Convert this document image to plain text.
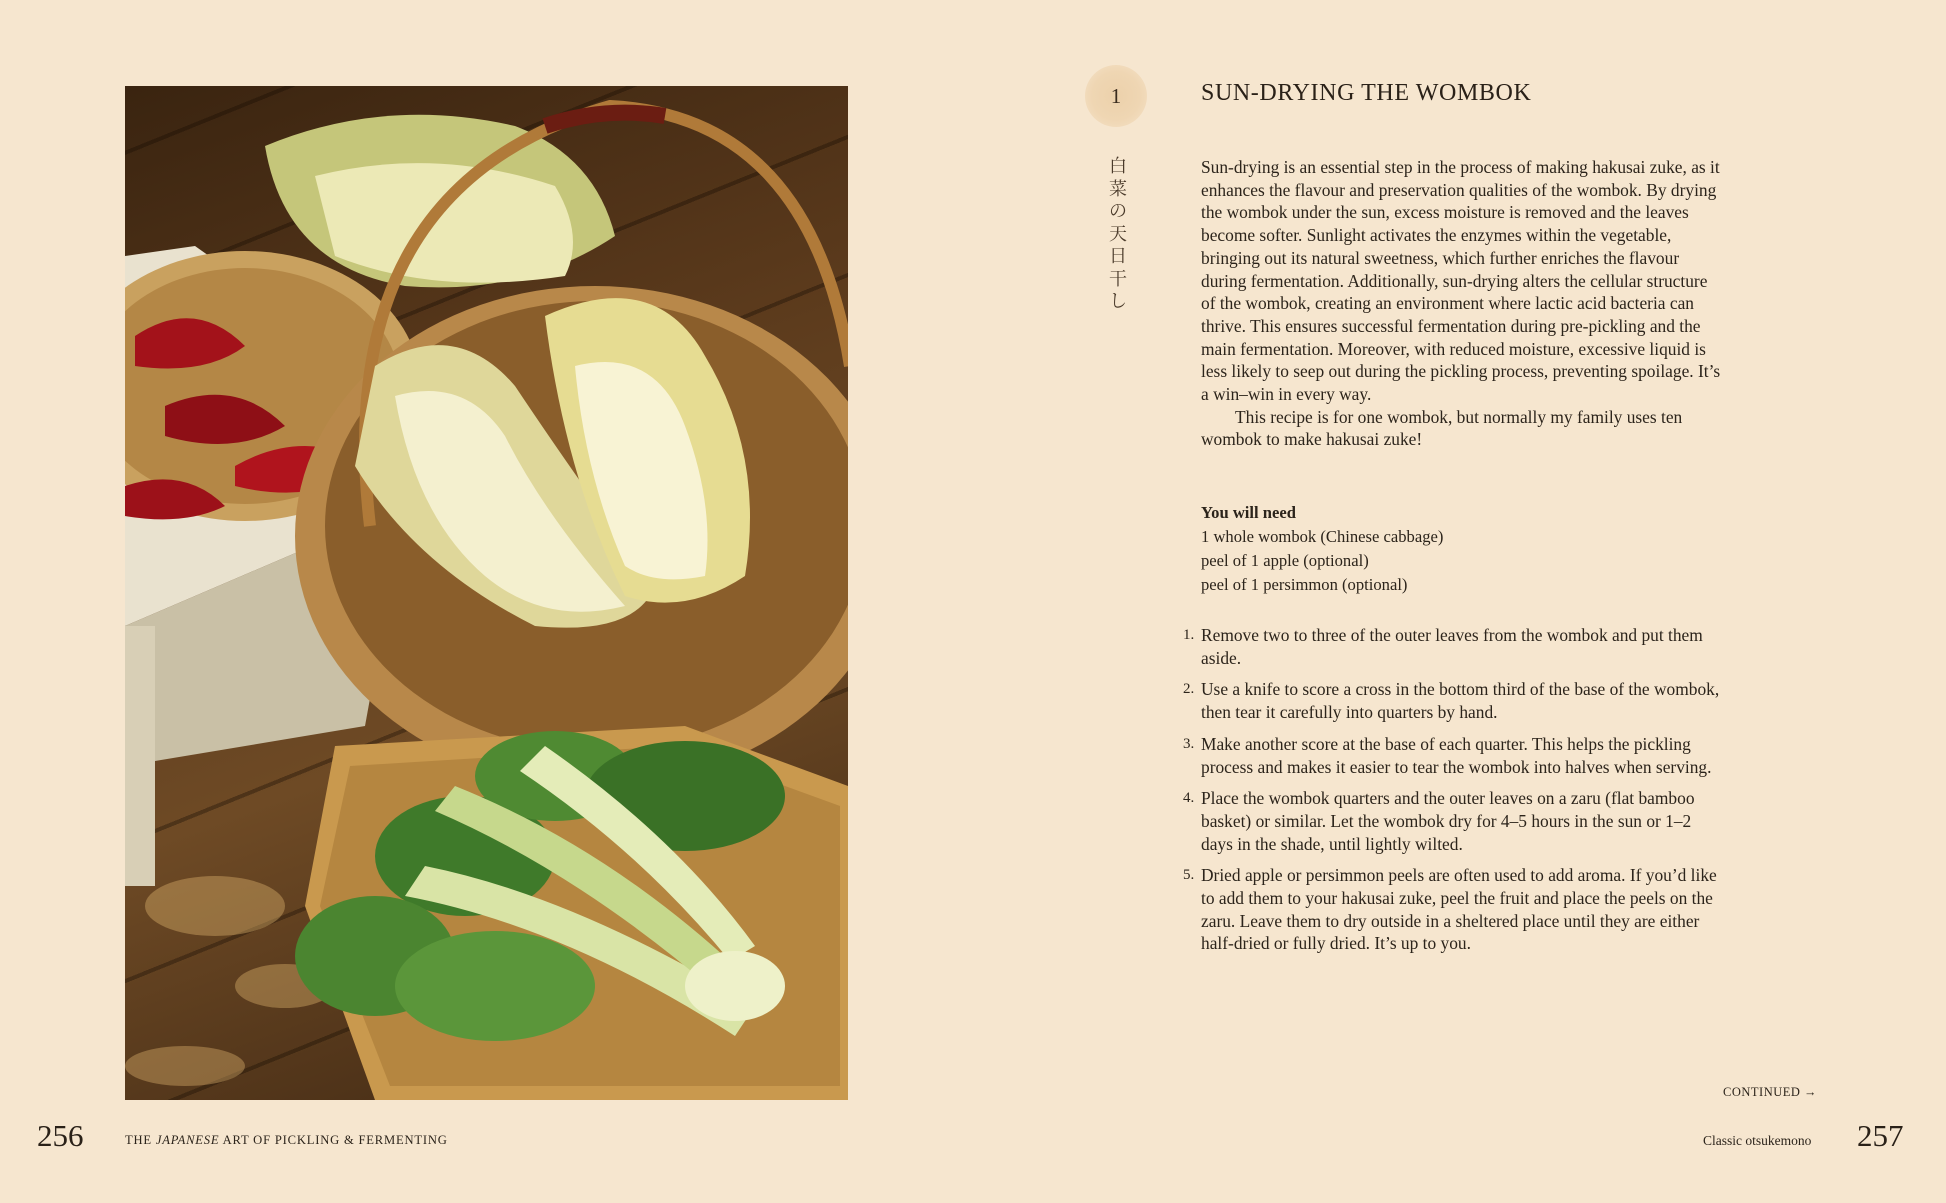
1	SUN-DRYING THE WOMBOK
白
菜
の
天
日
干
し

Sun-drying is an essential step in the process of making hakusai zuke, as it enhances the flavour and preservation qualities of the wombok. By drying the wombok under the sun, excess moisture is removed and the leaves become softer. Sunlight activates the enzymes within the vegetable, bringing out its natural sweetness, which further enriches the flavour during fermentation. Additionally, sun-drying alters the cellular structure of the wombok, creating an environment where lactic acid bacteria can thrive. This ensures successful fermentation during pre-pickling and the main fermentation. Moreover, with reduced moisture, excessive liquid is less likely to seep out during the pickling process, preventing spoilage. It’s a win–win in every way.

This recipe is for one wombok, but normally my family uses ten wombok to make hakusai zuke!

You will need
1 whole wombok (Chinese cabbage)
peel of 1 apple (optional)
peel of 1 persimmon (optional)
1. Remove two to three of the outer leaves from the wombok and put them aside.
2. Use a knife to score a cross in the bottom third of the base of the wombok, then tear it carefully into quarters by hand.
3. Make another score at the base of each quarter. This helps the pickling process and makes it easier to tear the wombok into halves when serving.
4. Place the wombok quarters and the outer leaves on a zaru (flat bamboo basket) or similar. Let the wombok dry for 4–5 hours in the sun or 1–2 days in the shade, until lightly wilted.
5. Dried apple or persimmon peels are often used to add aroma. If you’d like to add them to your hakusai zuke, peel the fruit and place the peels on the zaru. Leave them to dry outside in a sheltered place until they are either half-dried or fully dried. It’s up to you.
CONTINUED →
256	THE JAPANESE ART OF PICKLING & FERMENTING	Classic otsukemono 257
